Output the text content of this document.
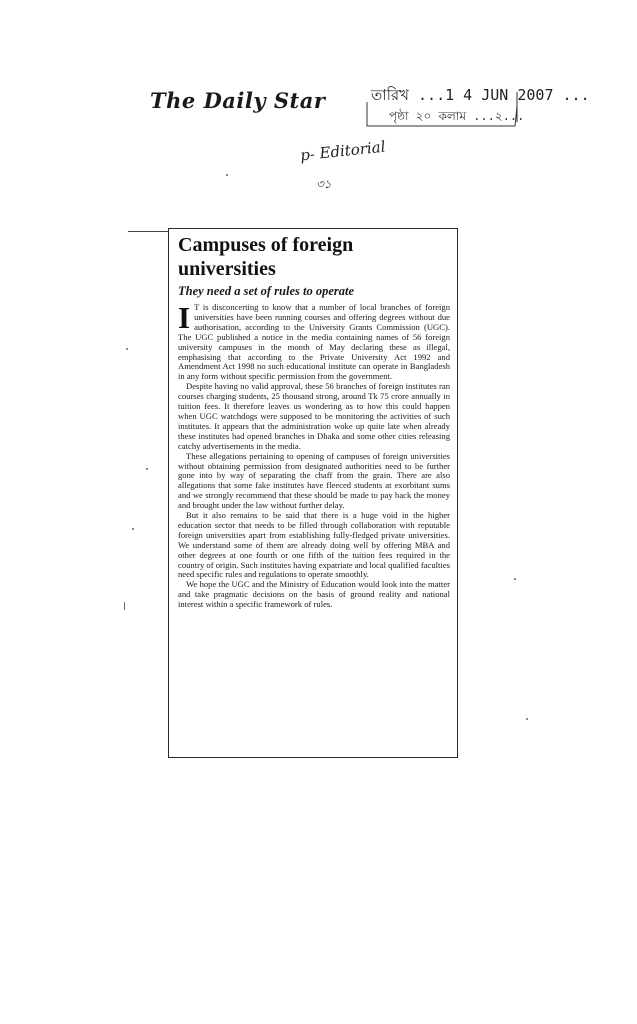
The Daily Star	তারিখ ...1 4 JUN 2007 ...
পৃষ্ঠা ২০ কলাম ...২...
p- Editorial
৩১
Campuses of foreign universities
They need a set of rules to operate

I T is disconcerting to know that a number of local branches of foreign universities have been running courses and offering degrees without due authorisation, according to the University Grants Commission (UGC). The UGC published a notice in the media containing names of 56 foreign university campuses in the month of May declaring these as illegal, emphasising that according to the Private University Act 1992 and Amendment Act 1998 no such educational institute can operate in Bangladesh in any form without specific permission from the government.

Despite having no valid approval, these 56 branches of foreign institutes ran courses charging students, 25 thousand strong, around Tk 75 crore annually in tuition fees. It therefore leaves us wondering as to how this could happen when UGC watchdogs were supposed to be monitoring the activities of such institutes. It appears that the administration woke up quite late when already these institutes had opened branches in Dhaka and some other cities releasing catchy advertisements in the media.

These allegations pertaining to opening of campuses of foreign universities without obtaining permission from designated authorities need to be further gone into by way of separating the chaff from the grain. There are also allegations that some fake institutes have fleeced students at exorbitant sums and we strongly recommend that these should be made to pay back the money and brought under the law without further delay.

But it also remains to be said that there is a huge void in the higher education sector that needs to be filled through collaboration with reputable foreign universities apart from establishing fully-fledged private universities. We understand some of them are already doing well by offering MBA and other degrees at one fourth or one fifth of the tuition fees required in the country of origin. Such institutes having expatriate and local qualified faculties need specific rules and regulations to operate smoothly.

We hope the UGC and the Ministry of Education would look into the matter and take pragmatic decisions on the basis of ground reality and national interest within a specific framework of rules.
